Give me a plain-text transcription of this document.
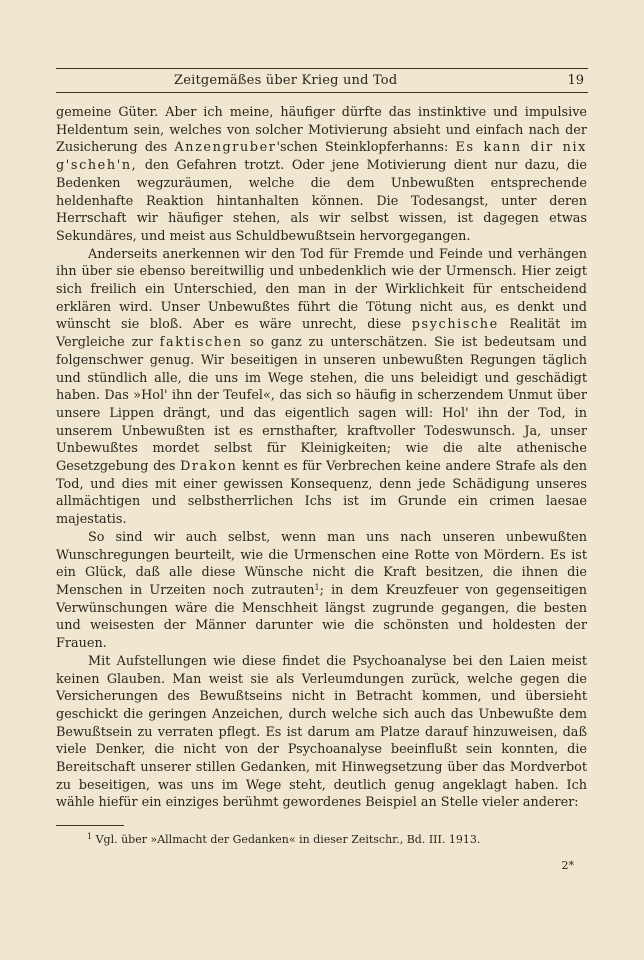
Zeitgemäßes über Krieg und Tod	19

gemeine Güter. Aber ich meine, häufiger dürfte das instinktive und impulsive Heldentum sein, welches von solcher Motivierung absieht und einfach nach der Zusicherung des Anzengruber'schen Steinklopferhanns: Es kann dir nix g'scheh'n, den Gefahren trotzt. Oder jene Motivierung dient nur dazu, die Bedenken wegzuräumen, welche die dem Unbewußten entsprechende heldenhafte Reaktion hintanhalten können. Die Todesangst, unter deren Herrschaft wir häufiger stehen, als wir selbst wissen, ist dagegen etwas Sekundäres, und meist aus Schuldbewußtsein hervorgegangen.

Anderseits anerkennen wir den Tod für Fremde und Feinde und verhängen ihn über sie ebenso bereitwillig und unbedenklich wie der Urmensch. Hier zeigt sich freilich ein Unterschied, den man in der Wirklichkeit für entscheidend erklären wird. Unser Unbewußtes führt die Tötung nicht aus, es denkt und wünscht sie bloß. Aber es wäre unrecht, diese psychische Realität im Vergleiche zur faktischen so ganz zu unterschätzen. Sie ist bedeutsam und folgenschwer genug. Wir beseitigen in unseren unbewußten Regungen täglich und stündlich alle, die uns im Wege stehen, die uns beleidigt und geschädigt haben. Das »Hol' ihn der Teufel«, das sich so häufig in scherzendem Unmut über unsere Lippen drängt, und das eigentlich sagen will: Hol' ihn der Tod, in unserem Unbewußten ist es ernsthafter, kraftvoller Todeswunsch. Ja, unser Unbewußtes mordet selbst für Kleinigkeiten; wie die alte athenische Gesetzgebung des Drakon kennt es für Verbrechen keine andere Strafe als den Tod, und dies mit einer gewissen Konsequenz, denn jede Schädigung unseres allmächtigen und selbstherrlichen Ichs ist im Grunde ein crimen laesae majestatis.

So sind wir auch selbst, wenn man uns nach unseren unbewußten Wunschregungen beurteilt, wie die Urmenschen eine Rotte von Mördern. Es ist ein Glück, daß alle diese Wünsche nicht die Kraft besitzen, die ihnen die Menschen in Urzeiten noch zutrauten$^1$; in dem Kreuzfeuer von gegenseitigen Verwünschungen wäre die Menschheit längst zugrunde gegangen, die besten und weisesten der Männer darunter wie die schönsten und holdesten der Frauen.

Mit Aufstellungen wie diese findet die Psychoanalyse bei den Laien meist keinen Glauben. Man weist sie als Verleumdungen zurück, welche gegen die Versicherungen des Bewußtseins nicht in Betracht kommen, und übersieht geschickt die geringen Anzeichen, durch welche sich auch das Unbewußte dem Bewußtsein zu verraten pflegt. Es ist darum am Platze darauf hinzuweisen, daß viele Denker, die nicht von der Psychoanalyse beeinflußt sein konnten, die Bereitschaft unserer stillen Gedanken, mit Hinwegsetzung über das Mordverbot zu beseitigen, was uns im Wege steht, deutlich genug angeklagt haben. Ich wähle hiefür ein einziges berühmt gewordenes Beispiel an Stelle vieler anderer:

$^1$ Vgl. über »Allmacht der Gedanken« in dieser Zeitschr., Bd. III. 1913.
2*
